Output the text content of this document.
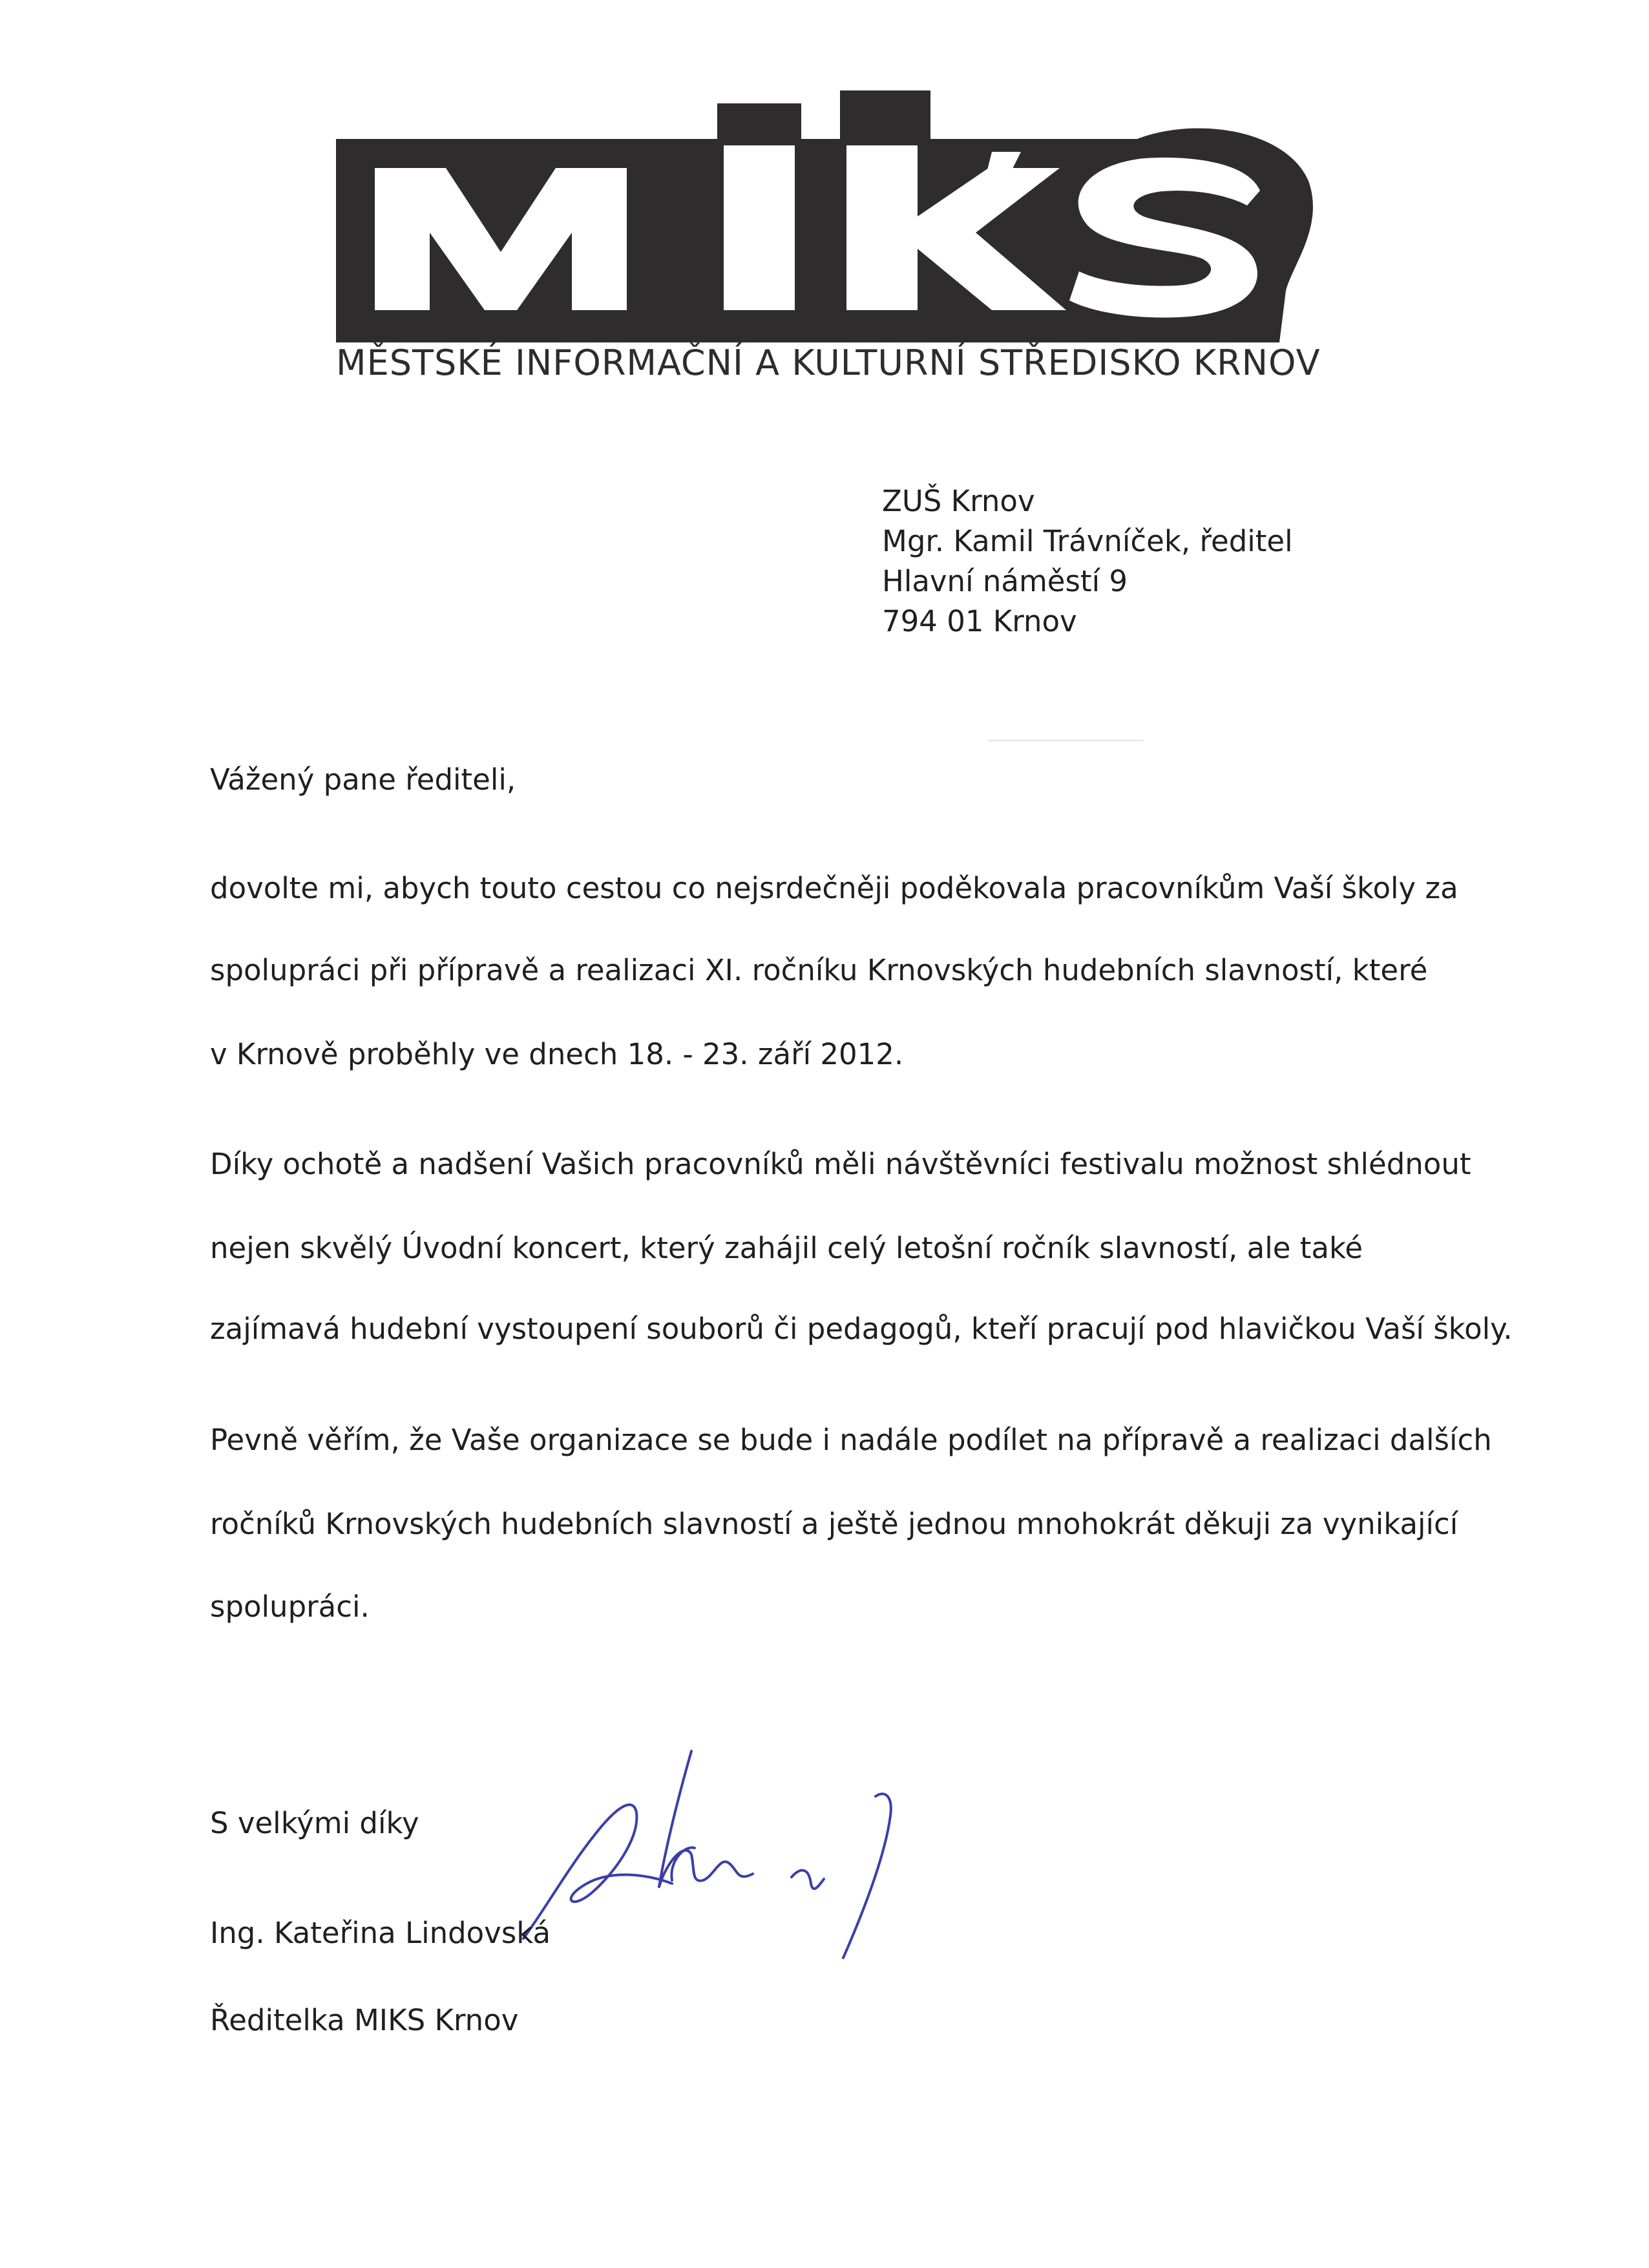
MĚSTSKÉ INFORMAČNÍ A KULTURNÍ STŘEDISKO KRNOV
ZUŠ Krnov
Mgr. Kamil Trávníček, ředitel
Hlavní náměstí 9
794 01 Krnov
Vážený pane řediteli,
dovolte mi, abych touto cestou co nejsrdečněji poděkovala pracovníkům Vaší školy za
spolupráci při přípravě a realizaci XI. ročníku Krnovských hudebních slavností, které
v Krnově proběhly ve dnech 18. - 23. září 2012.
Díky ochotě a nadšení Vašich pracovníků měli návštěvníci festivalu možnost shlédnout
nejen skvělý Úvodní koncert, který zahájil celý letošní ročník slavností, ale také
zajímavá hudební vystoupení souborů či pedagogů, kteří pracují pod hlavičkou Vaší školy.
Pevně věřím, že Vaše organizace se bude i nadále podílet na přípravě a realizaci dalších
ročníků Krnovských hudebních slavností a ještě jednou mnohokrát děkuji za vynikající
spolupráci.
S velkými díky
Ing. Kateřina Lindovská
Ředitelka MIKS Krnov
